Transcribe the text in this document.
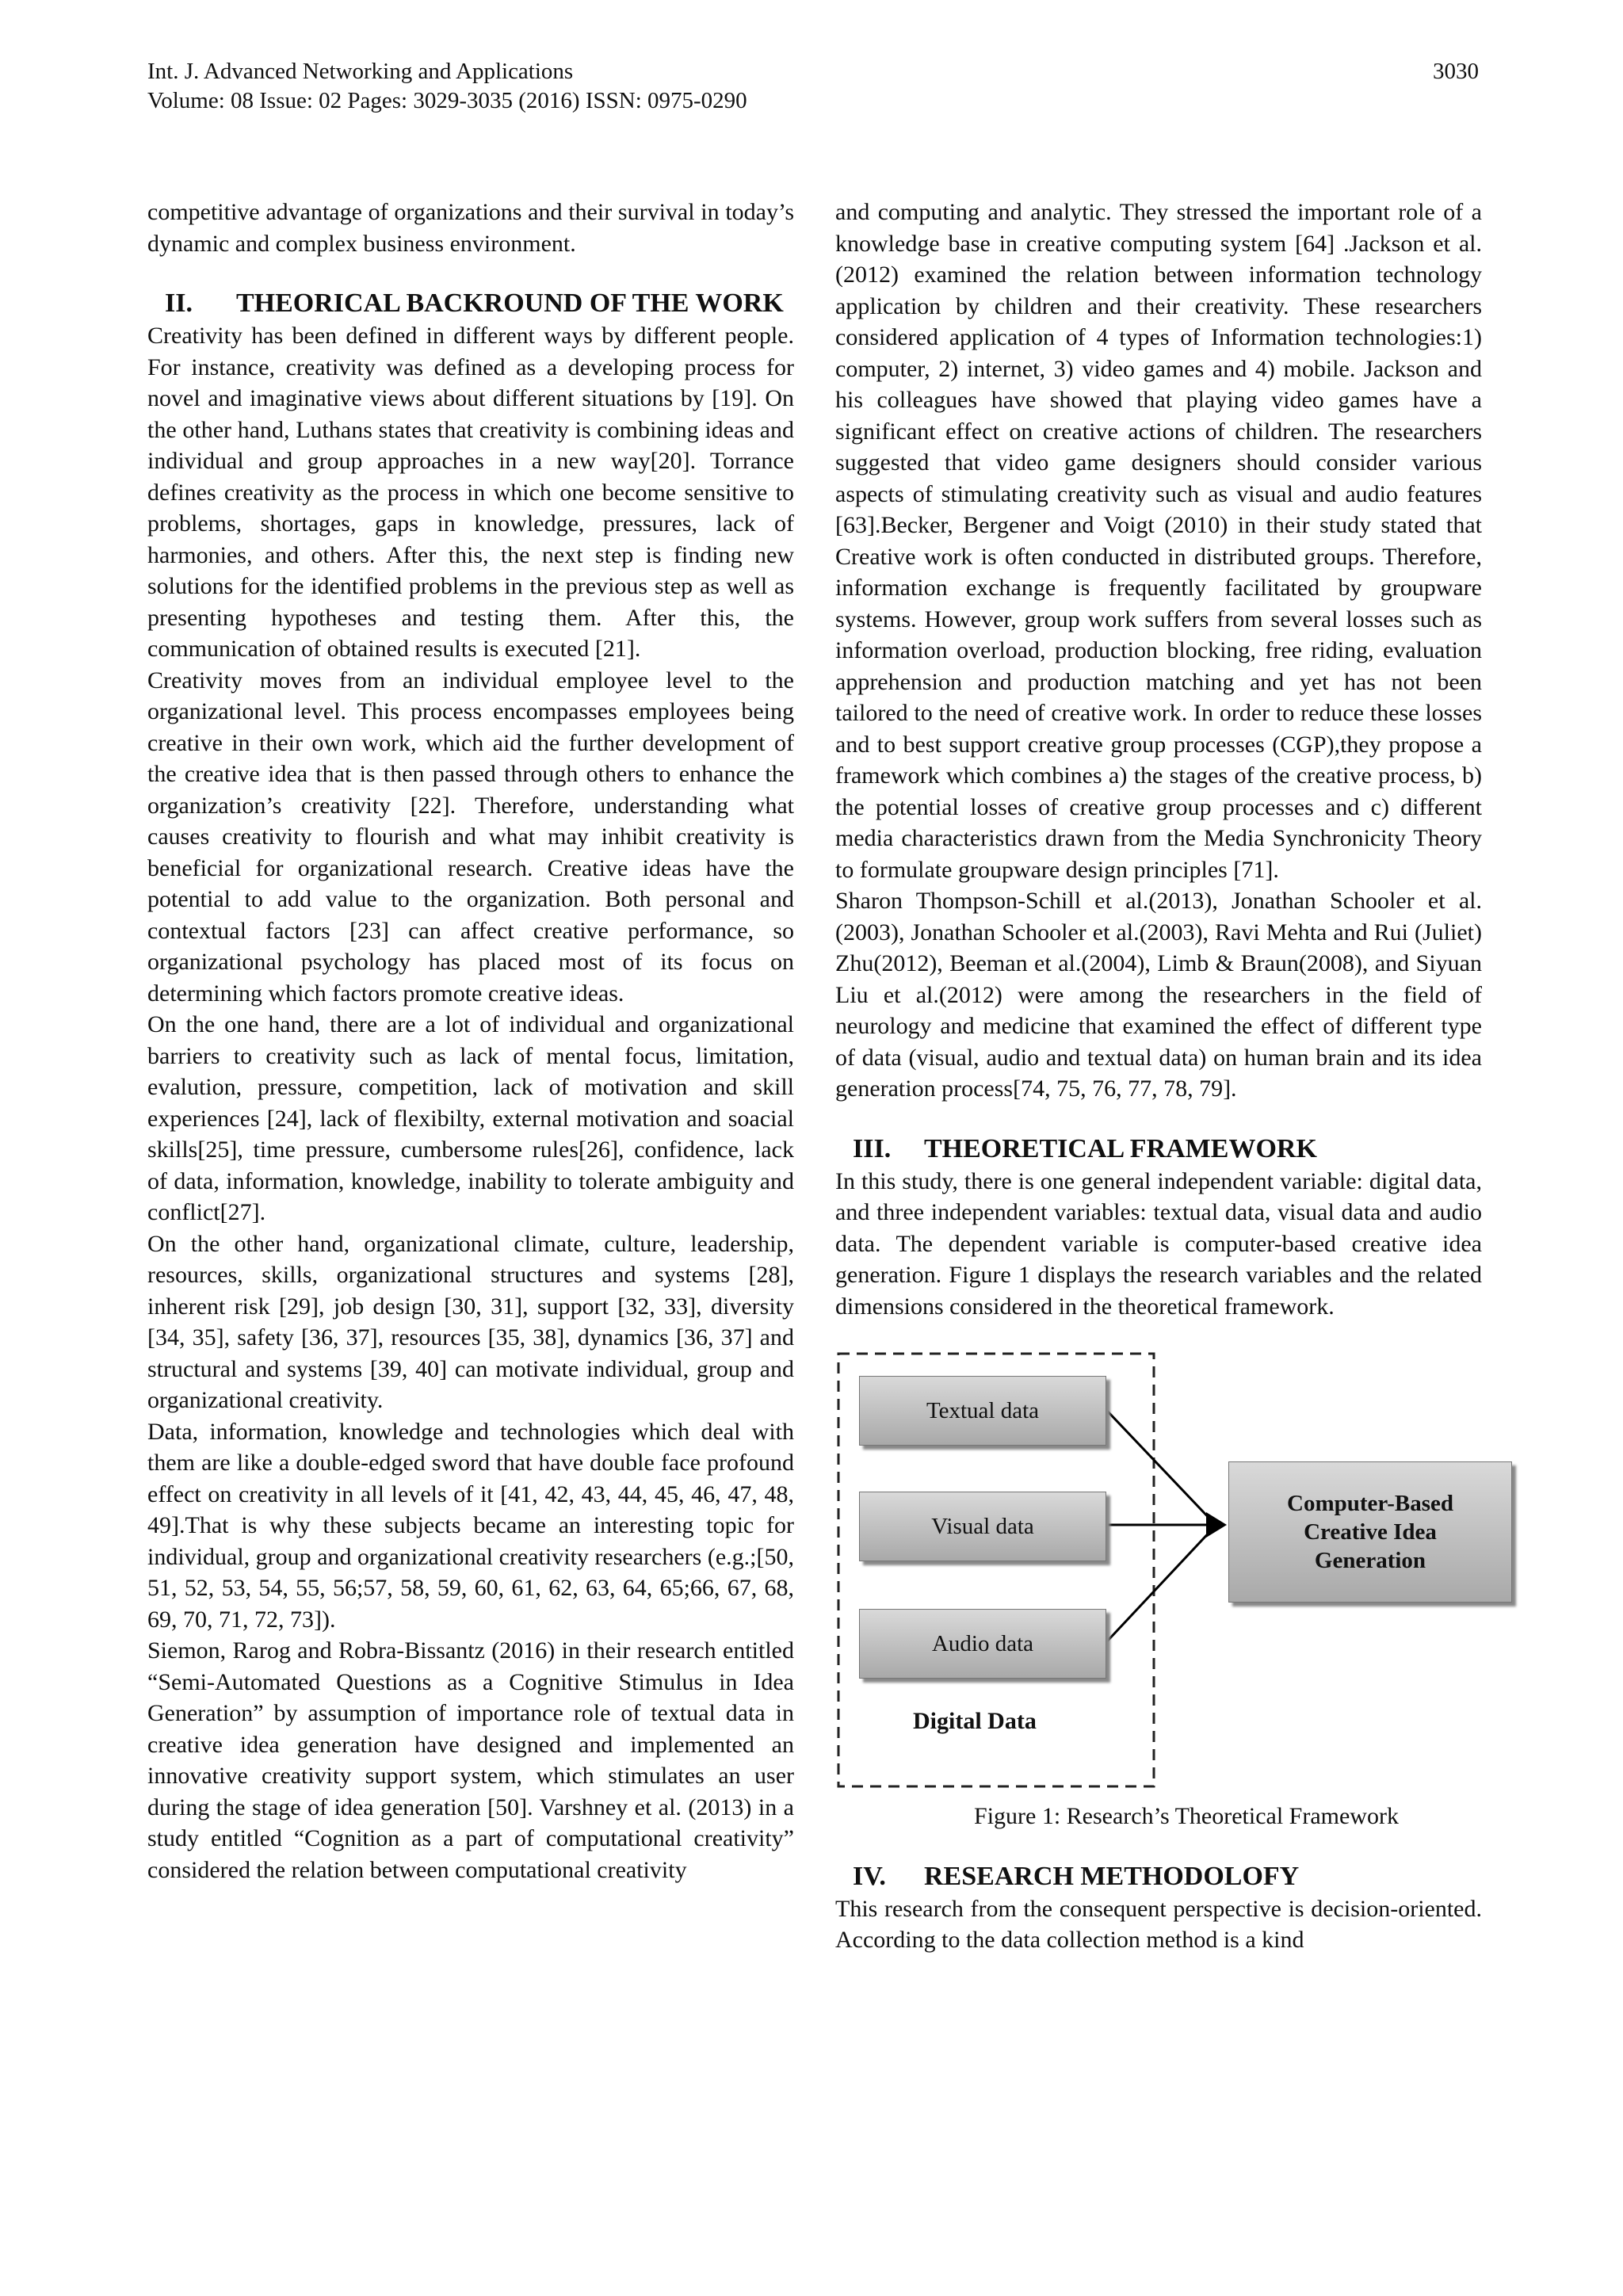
Int. J. Advanced Networking and Applications
Volume: 08 Issue: 02 Pages: 3029-3035 (2016) ISSN: 0975-0290
3030

competitive advantage of organizations and their survival in today’s dynamic and complex business environment.

II.	THEORICAL BACKROUND OF THE WORK

Creativity has been defined in different ways by different people. For instance, creativity was defined as a developing process for novel and imaginative views about different situations by [19]. On the other hand, Luthans states that creativity is combining ideas and individual and group approaches in a new way[20]. Torrance defines creativity as the process in which one become sensitive to problems, shortages, gaps in knowledge, pressures, lack of harmonies, and others. After this, the next step is finding new solutions for the identified problems in the previous step as well as presenting hypotheses and testing them. After this, the communication of obtained results is executed [21].

Creativity moves from an individual employee level to the organizational level. This process encompasses employees being creative in their own work, which aid the further development of the creative idea that is then passed through others to enhance the organization’s creativity [22]. Therefore, understanding what causes creativity to flourish and what may inhibit creativity is beneficial for organizational research. Creative ideas have the potential to add value to the organization. Both personal and contextual factors [23] can affect creative performance, so organizational psychology has placed most of its focus on determining which factors promote creative ideas.

On the one hand, there are a lot of individual and organizational barriers to creativity such as lack of mental focus, limitation, evalution, pressure, competition, lack of motivation and skill experiences [24], lack of flexibilty, external motivation and soacial skills[25], time pressure, cumbersome rules[26], confidence, lack of data, information, knowledge, inability to tolerate ambiguity and conflict[27].

On the other hand, organizational climate, culture, leadership, resources, skills, organizational structures and systems [28], inherent risk [29], job design [30, 31], support [32, 33], diversity [34, 35], safety [36, 37], resources [35, 38], dynamics [36, 37] and structural and systems [39, 40] can motivate individual, group and organizational creativity.

Data, information, knowledge and technologies which deal with them are like a double-edged sword that have double face profound effect on creativity in all levels of it [41, 42, 43, 44, 45, 46, 47, 48, 49].That is why these subjects became an interesting topic for individual, group and organizational creativity researchers (e.g.;[50, 51, 52, 53, 54, 55, 56;57, 58, 59, 60, 61, 62, 63, 64, 65;66, 67, 68, 69, 70, 71, 72, 73]).

Siemon, Rarog and Robra-Bissantz (2016) in their research entitled “Semi-Automated Questions as a Cognitive Stimulus in Idea Generation” by assumption of importance role of textual data in creative idea generation have designed and implemented an innovative creativity support system, which stimulates an user during the stage of idea generation [50]. Varshney et al. (2013) in a study entitled “Cognition as a part of computational creativity” considered the relation between computational creativity

and computing and analytic. They stressed the important role of a knowledge base in creative computing system [64] .Jackson et al.(2012) examined the relation between information technology application by children and their creativity. These researchers considered application of 4 types of Information technologies:1) computer, 2) internet, 3) video games and 4) mobile. Jackson and his colleagues have showed that playing video games have a significant effect on creative actions of children. The researchers suggested that video game designers should consider various aspects of stimulating creativity such as visual and audio features [63].Becker, Bergener and Voigt (2010) in their study stated that Creative work is often conducted in distributed groups. Therefore, information exchange is frequently facilitated by groupware systems. However, group work suffers from several losses such as information overload, production blocking, free riding, evaluation apprehension and production matching and yet has not been tailored to the need of creative work. In order to reduce these losses and to best support creative group processes (CGP),they propose a framework which combines a) the stages of the creative process, b) the potential losses of creative group processes and c) different media characteristics drawn from the Media Synchronicity Theory to formulate groupware design principles [71].

Sharon Thompson-Schill et al.(2013), Jonathan Schooler et al.(2003), Jonathan Schooler et al.(2003), Ravi Mehta and Rui (Juliet) Zhu(2012), Beeman et al.(2004), Limb & Braun(2008), and Siyuan Liu et al.(2012) were among the researchers in the field of neurology and medicine that examined the effect of different type of data (visual, audio and textual data) on human brain and its idea generation process[74, 75, 76, 77, 78, 79].

III.	THEORETICAL FRAMEWORK

In this study, there is one general independent variable: digital data, and three independent variables: textual data, visual data and audio data. The dependent variable is computer-based creative idea generation. Figure 1 displays the research variables and the related dimensions considered in the theoretical framework.

Textual data
Visual data
Audio data
Digital Data
Computer-Based
Creative Idea
Generation

Figure 1: Research’s Theoretical Framework

IV.	RESEARCH METHODOLOFY

This research from the consequent perspective is decision-oriented. According to the data collection method is a kind
